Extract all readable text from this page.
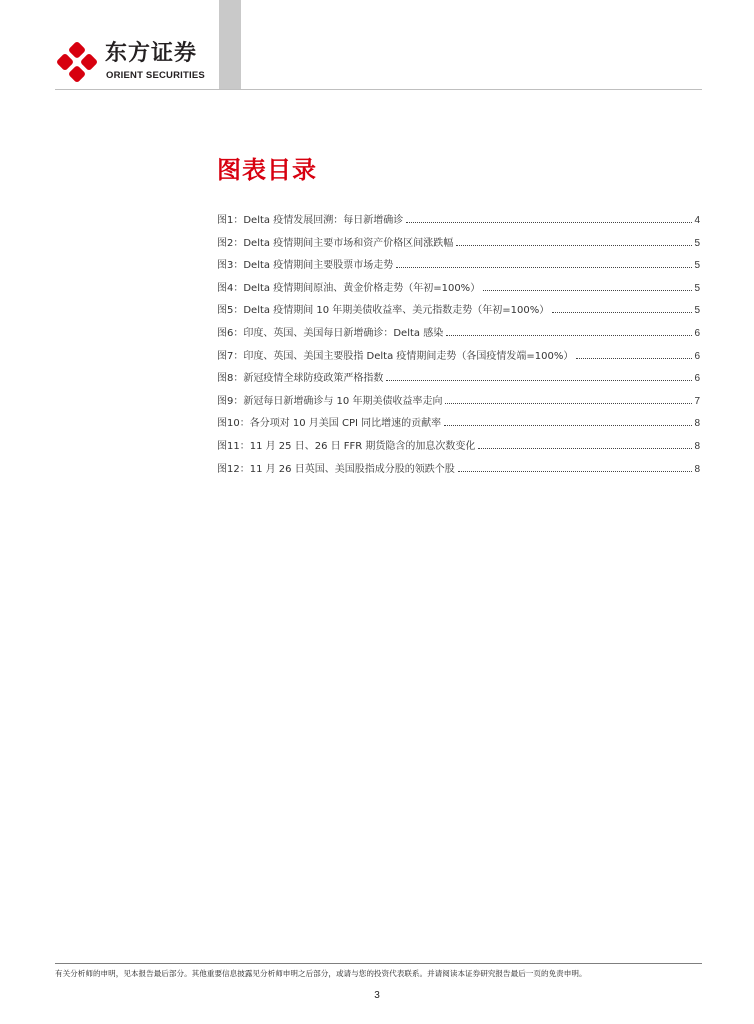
东方证券
ORIENT SECURITIES
图表目录
图1：Delta 疫情发展回溯：每日新增确诊	4
图2：Delta 疫情期间主要市场和资产价格区间涨跌幅	5
图3：Delta 疫情期间主要股票市场走势	5
图4：Delta 疫情期间原油、黄金价格走势（年初=100%）	5
图5：Delta 疫情期间 10 年期美债收益率、美元指数走势（年初=100%）	5
图6：印度、英国、美国每日新增确诊：Delta 感染	6
图7：印度、英国、美国主要股指 Delta 疫情期间走势（各国疫情发端=100%）	6
图8：新冠疫情全球防疫政策严格指数	6
图9：新冠每日新增确诊与 10 年期美债收益率走向	7
图10：各分项对 10 月美国 CPI 同比增速的贡献率	8
图11：11 月 25 日、26 日 FFR 期货隐含的加息次数变化	8
图12：11 月 26 日英国、美国股指成分股的领跌个股	8
有关分析师的申明，见本报告最后部分。其他重要信息披露见分析师申明之后部分，或请与您的投资代表联系。并请阅读本证券研究报告最后一页的免责申明。
3
